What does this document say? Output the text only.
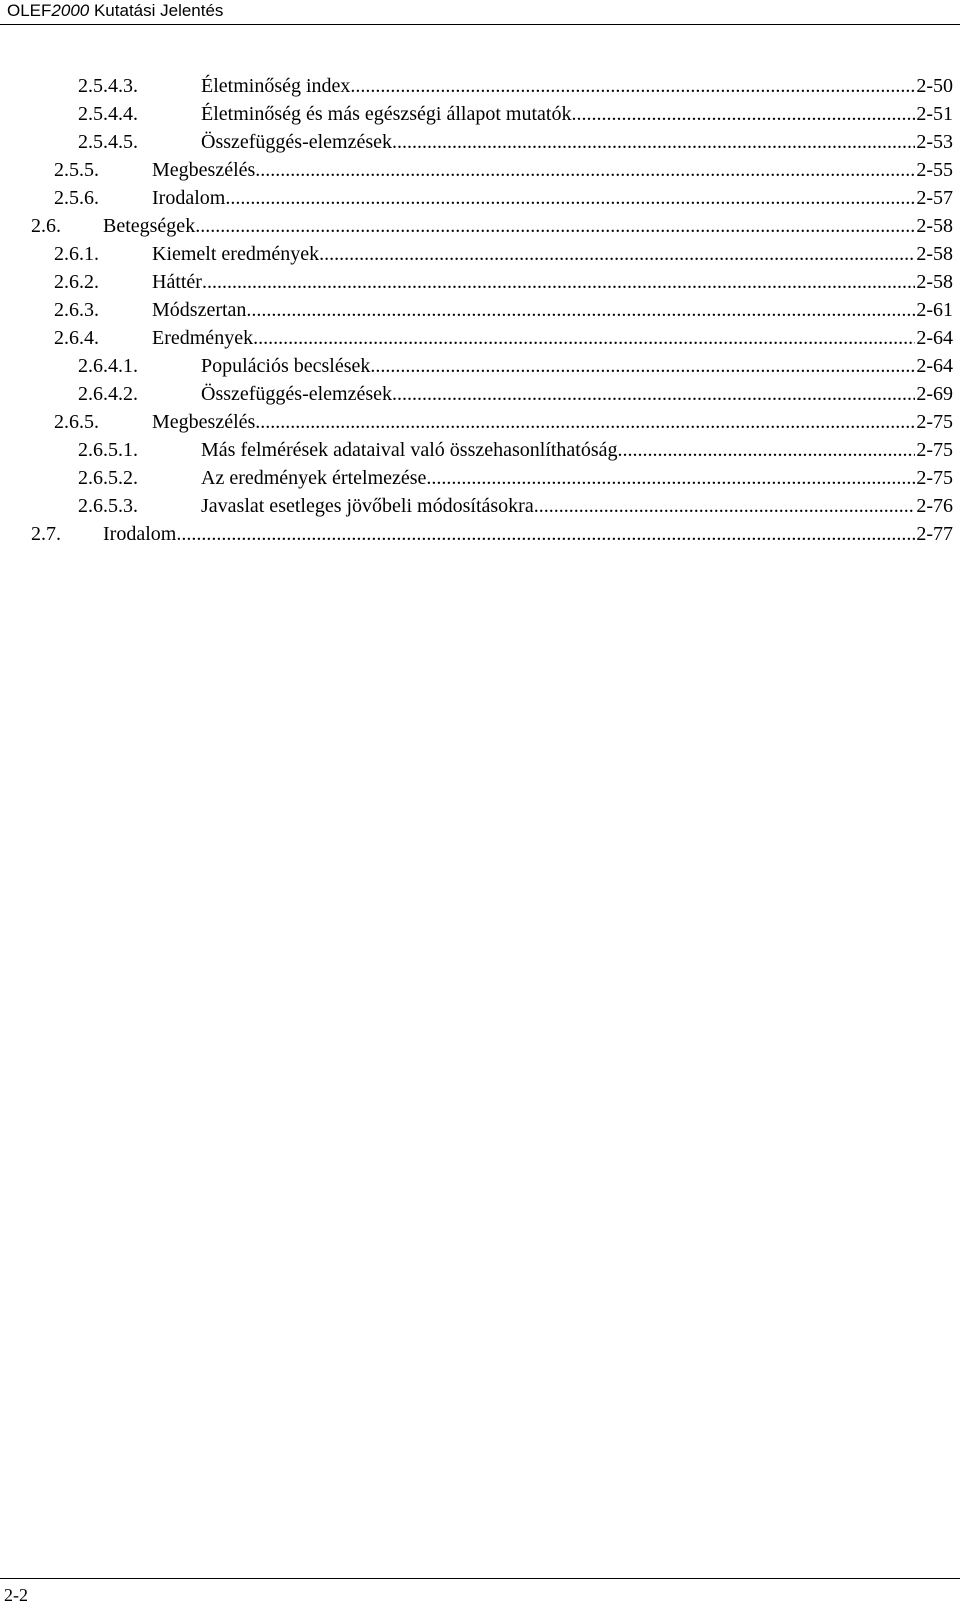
OLEF2000 Kutatási Jelentés
2.5.4.3.	Életminőség index .....	2-50
2.5.4.4.	Életminőség és más egészségi állapot mutatók .....	2-51
2.5.4.5.	Összefüggés-elemzések .....	2-53
2.5.5.	Megbeszélés .....	2-55
2.5.6.	Irodalom .....	2-57
2.6. Betegségek .....	2-58
2.6.1.	Kiemelt eredmények .....	2-58
2.6.2.	Háttér .....	2-58
2.6.3.	Módszertan .....	2-61
2.6.4.	Eredmények .....	2-64
2.6.4.1.	Populációs becslések .....	2-64
2.6.4.2.	Összefüggés-elemzések .....	2-69
2.6.5.	Megbeszélés .....	2-75
2.6.5.1.	Más felmérések adataival való összehasonlíthatóság .....	2-75
2.6.5.2.	Az eredmények értelmezése .....	2-75
2.6.5.3.	Javaslat esetleges jövőbeli módosításokra .....	2-76
2.7. Irodalom .....	2-77
2-2
